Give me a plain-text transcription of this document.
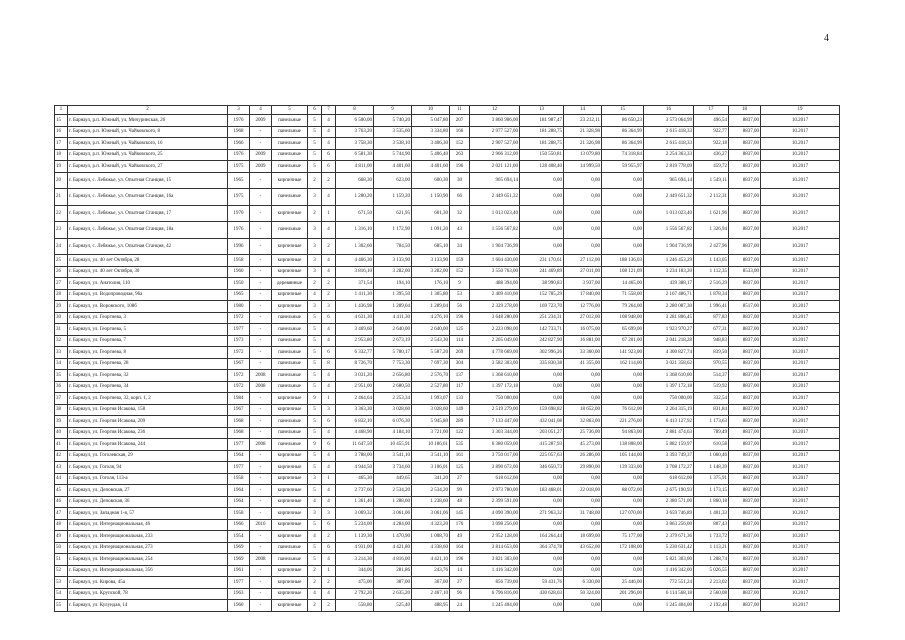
4
1	2	3	4	5	6	7	8	9	10	11	12	13	14	15	16	17	18	19
15	г. Барнаул, р.п. Южный, ул. Мичуринская, 26	1976	2009	панельные	5	4	6 500,00	5 740,20	5 047,80	207	3 860 906,00	181 987,47	23 212,11	86 650,23	3 573 064,99	496,54	8837,00	10.2017
16	г. Барнаул, р.п. Южный, ул. Чайковского, 8	1968	-	панельные	5	4	3 763,20	3 535,60	3 334,80	166	2 977 527,00	181 288,75	21 328,98	86 364,99	2 615 418,33	922,77	8837,00	10.2017
17	г. Барнаул, р.п. Южный, ул. Чайковского, 16	1966	-	панельные	5	4	3 758,30	3 538,10	3 406,30	152	2 907 527,00	181 288,75	21 326,98	86 364,99	2 615 418,33	922,18	8837,00	10.2017
18	г. Барнаул, р.п. Южный, ул. Чайковского, 25	1976	2009	панельные	5	6	6 581,30	5 744,90	5 406,40	263	2 966 312,00	150 550,81	13 079,80	74 318,84	2 254 363,33	436,27	8837,00	10.2017
19	г. Барнаул, р.п. Южный, ул. Чайковского, 27	1975	2009	панельные	5	6	4 811,00	4 401,60	4 401,60	196	2 021 121,00	128 408,40	14 999,50	59 955,97	2 819 778,09	459,72	8837,00	10.2017
20	г. Барнаул, с. Лебяжье, ул. Опытная Станция, 15	1965	-	кирпичные	2	2	668,30	623,00	600,30	30	965 694,14	0,00	0,00	0,00	965 694,14	1 549,11	8837,00	10.2017
21	г. Барнаул, с. Лебяжье, ул. Опытная Станция, 16а	1975	-	панельные	3	4	1 280,20	1 159,20	1 150,90	66	2 449 651,32	0,00	0,00	0,00	2 449 651,32	2 112,31	8837,00	10.2017
22	г. Барнаул, с. Лебяжье, ул. Опытная Станция, 17	1970	-	кирпичные	2	1	671,50	621,95	601,30	32	1 013 023,40	0,00	0,00	0,00	1 013 023,40	1 621,96	8837,00	10.2017
23	г. Барнаул, с. Лебяжье, ул. Опытная Станция, 18а	1976	-	панельные	3	4	1 316,10	1 172,90	1 091,20	43	1 556 567,82	0,00	0,00	0,00	1 556 567,82	1 326,94	8837,00	10.2017
24	г. Барнаул, с. Лебяжье, ул. Опытная Станция, 42	1996	-	кирпичные	3	2	1 302,60	784,50	685,10	34	1 904 736,99	0,00	0,00	0,00	1 904 736,99	2 427,96	8837,00	10.2017
25	г. Барнаул, ул. 40 лет Октября, 28	1958	-	кирпичные	3	4	4 466,30	3 133,90	3 133,90	159	1 604 430,00	231 170,61	27 112,00	188 136,03	1 246 453,29	1 143,05	8837,00	10.2017
26	г. Барнаул, ул. 40 лет Октября, 30	1960	-	кирпичные	3	4	3 816,10	3 282,00	3 282,00	152	3 550 763,00	241 469,89	27 011,00	108 121,09	3 234 183,20	1 112,35	8533,00	10.2017
27	г. Барнаул, ул. Анатолия, 110	1950	-	деревянные	2	2	371,54	194,10	176,10	9	488 394,00	38 990,83	3 937,00	14 465,00	439 388,17	2 516,29	8837,00	10.2017
28	г. Барнаул, ул. Водопроводная, 96а	1965	-	кирпичные	4	2	1 411,30	1 395,50	1 305,80	53	2 409 410,00	152 785,29	17 840,00	71 558,00	2 167 486,71	1 878,34	8837,00	10.2017
29	г. Барнаул, ул. Воровского, 108б	1980	-	кирпичные	3	3	1 436,98	1 289,04	1 289,04	56	2 329 278,00	169 723,70	12 776,00	79 264,00	2 280 087,30	1 996,41	8517,00	10.2017
30	г. Барнаул, ул. Георгиева, 3	1972	-	панельные	5	6	4 631,30	4 411,30	4 276,10	196	3 648 280,00	251 234,31	27 012,00	108 948,00	3 281 806,45	877,83	8837,00	10.2017
31	г. Барнаул, ул. Георгиева, 5	1977	-	панельные	5	4	3 469,60	2 640,00	2 640,00	125	2 223 098,00	142 733,71	16 075,00	65 699,00	1 923 970,27	677,31	8837,00	10.2017
32	г. Барнаул, ул. Георгиева, 7	1973	-	панельные	5	4	2 953,80	2 673,19	2 543,30	114	2 265 049,00	242 827,90	16 881,00	67 201,00	2 041 218,28	948,83	8837,00	10.2017
33	г. Барнаул, ул. Георгиева, 8	1972	-	панельные	5	6	6 332,77	5 780,17	5 587,20	269	4 778 669,00	302 996,26	33 360,00	141 923,00	4 300 827,74	839,50	8837,00	10.2017
34	г. Барнаул, ул. Георгиева, 28	1967	-	панельные	5	8	8 726,70	7 753,30	7 697,30	304	3 582 303,00	335 830,38	41 355,00	162 114,00	3 021 358,62	970,55	8837,00	10.2017
35	г. Барнаул, ул. Георгиева, 32	1972	2008	панельные	5	4	3 031,20	2 656,80	2 576,70	137	1 368 610,00	0,00	0,00	0,00	1 368 610,00	514,37	8837,00	10.2017
36	г. Барнаул, ул. Георгиева, 34	1972	2008	панельные	5	4	2 951,00	2 680,50	2 527,80	117	1 397 172,18	0,00	0,00	0,00	1 397 172,18	519,92	8837,00	10.2017
37	г. Барнаул, ул. Георгиева, 32, корп. 1, 2	1984	-	кирпичные	9	1	2 464,64	2 253,34	1 993,07	133	750 000,00	0,00	0,00	0,00	750 000,00	332,54	8837,00	10.2017
38	г. Барнаул, ул. Георгия Исакова, 158	1967	-	кирпичные	5	3	3 363,30	3 028,60	3 028,60	149	2 519 279,00	159 698,82	18 652,00	76 612,00	2 264 315,19	831,84	8837,00	10.2017
39	г. Барнаул, ул. Георгия Исакова, 209	1968	-	панельные	5	6	6 832,10	6 076,30	5 945,80	289	7 133 447,00	432 041,08	32 863,00	221 276,00	6 413 127,92	1 173,63	8837,00	10.2017
40	г. Барнаул, ул. Георгия Исакова, 236	1968	-	панельные	5	4	4 468,90	4 184,10	3 721,00	122	3 303 344,00	203 051,27	25 736,00	94 863,00	2 881 474,63	789,49	8837,00	10.2017
41	г. Барнаул, ул. Георгия Исакова, 244	1977	2008	панельные	9	6	11 647,50	10 455,91	10 186,61	535	6 380 059,00	415 287,93	45 273,00	138 808,00	5 882 159,97	610,58	8837,00	10.2017
42	г. Барнаул, ул. Гоголевская, 29	1964	-	кирпичные	5	4	3 788,00	3 541,10	3 541,10	161	3 750 017,00	225 057,63	26 286,00	105 144,00	3 393 749,37	1 060,46	8837,00	10.2017
43	г. Барнаул, ул. Гоголя, 94	1977	-	кирпичные	5	4	4 944,50	3 734,60	3 106,01	125	3 890 672,00	346 650,73	29 890,00	139 333,00	3 708 172,27	1 148,39	8837,00	10.2017
44	г. Барнаул, ул. Гоголя, 113-а	1958	-	кирпичные	3	1	465,30	449,65	341,20	27	618 612,00	0,00	0,00	0,00	618 612,00	1 375,91	8837,00	10.2017
45	г. Барнаул, ул. Деповская, 27	1964	-	кирпичные	5	4	2 737,60	2 534,20	2 534,20	99	2 973 780,00	183 468,01	22 018,00	88 072,00	2 675 190,93	1 173,15	8837,00	10.2017
46	г. Барнаул, ул. Деповская, 36	1964	-	кирпичные	4	4	1 361,40	1 288,60	1 238,60	48	2 399 591,00	0,00	0,00	0,00	2 380 571,00	1 860,18	8837,00	10.2017
47	г. Барнаул, ул. Западная 1-я, 57	1958	-	кирпичные	3	3	3 069,32	3 061,06	3 061,06	145	4 090 390,00	271 963,32	31 748,00	127 070,00	3 659 746,89	1 401,33	8837,00	10.2017
48	г. Барнаул, ул. Интернациональная, 46	1966	2010	кирпичные	5	6	5 234,00	4 284,00	4 323,20	176	3 098 256,00	0,00	0,00	0,00	3 863 256,00	807,43	8837,00	10.2017
49	г. Барнаул, ул. Интернациональная, 233	1954	-	кирпичные	4	2	1 139,30	1 470,90	1 008,70	49	2 952 128,00	164 264,44	18 699,00	75 177,00	2 379 671,36	1 733,72	8837,00	10.2017
50	г. Барнаул, ул. Интернациональная, 273	1969	-	панельные	5	6	4 931,00	4 421,80	4 338,60	164	3 814 653,00	364 374,78	43 652,00	172 108,00	5 230 631,42	1 113,21	8837,00	10.2017
51	г. Барнаул, ул. Интернациональная, 254	1969	2008	панельные	5	4	3 214,30	4 816,00	4 421,10	196	3 821 303,00	0,00	0,00	0,00	5 821 303,00	1 208,74	8837,00	10.2017
52	г. Барнаул, ул. Интернациональная, 356	1961	-	кирпичные	2	1	344,06	281,86	243,76	14	1 416 342,00	0,00	0,00	0,00	1 416 342,00	5 026,55	8837,00	10.2017
53	г. Барнаул, ул. Кирова, 45а	1977	-	кирпичные	2	2	475,00	387,00	367,00	27	856 739,00	59 431,76	6 330,00	25 446,00	772 551,24	2 213,02	8837,00	10.2017
54	г. Барнаул, ул. Крупской, 78	1963	-	кирпичные	4	4	2 792,20	2 635,20	2 467,10	96	6 796 816,00	430 628,03	50 324,00	201 296,00	6 114 568,18	2 560,08	8837,00	10.2017
55	г. Барнаул, ул. Кулундая, 14	1960	-	кирпичные	2	2	558,80	525,40	488,95	24	1 245 404,00	0,00	0,00	0,00	1 245 404,00	2 192,48	8837,00	10.2017
